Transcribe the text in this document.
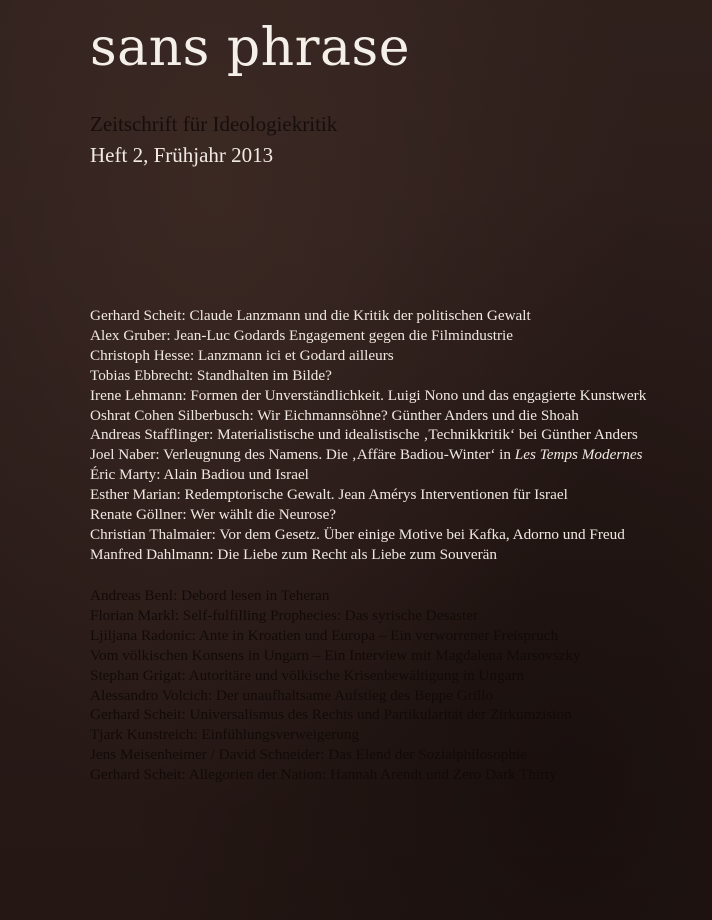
sans phrase
Zeitschrift für Ideologiekritik
Heft 2, Frühjahr 2013
Gerhard Scheit: Claude Lanzmann und die Kritik der politischen Gewalt
Alex Gruber: Jean-Luc Godards Engagement gegen die Filmindustrie
Christoph Hesse: Lanzmann ici et Godard ailleurs
Tobias Ebbrecht: Standhalten im Bilde?
Irene Lehmann: Formen der Unverständlichkeit. Luigi Nono und das engagierte Kunstwerk
Oshrat Cohen Silberbusch: Wir Eichmannsöhne? Günther Anders und die Shoah
Andreas Stafflinger: Materialistische und idealistische ‚Technikkritik‘ bei Günther Anders
Joel Naber: Verleugnung des Namens. Die ‚Affäre Badiou-Winter‘ in Les Temps Modernes
Éric Marty: Alain Badiou und Israel
Esther Marian: Redemptorische Gewalt. Jean Amérys Interventionen für Israel
Renate Göllner: Wer wählt die Neurose?
Christian Thalmaier: Vor dem Gesetz. Über einige Motive bei Kafka, Adorno und Freud
Manfred Dahlmann: Die Liebe zum Recht als Liebe zum Souverän
Andreas Benl: Debord lesen in Teheran
Florian Markl: Self-fulfilling Prophecies: Das syrische Desaster
Ljiljana Radonic: Ante in Kroatien und Europa – Ein verworrener Freispruch
Vom völkischen Konsens in Ungarn – Ein Interview mit Magdalena Marsovszky
Stephan Grigat: Autoritäre und völkische Krisenbewältigung in Ungarn
Alessandro Volcich: Der unaufhaltsame Aufstieg des Beppe Grillo
Gerhard Scheit: Universalismus des Rechts und Partikularität der Zirkumzision
Tjark Kunstreich: Einfühlungsverweigerung
Jens Meisenheimer / David Schneider: Das Elend der Sozialphilosophie
Gerhard Scheit: Allegorien der Nation: Hannah Arendt und Zero Dark Thirty
